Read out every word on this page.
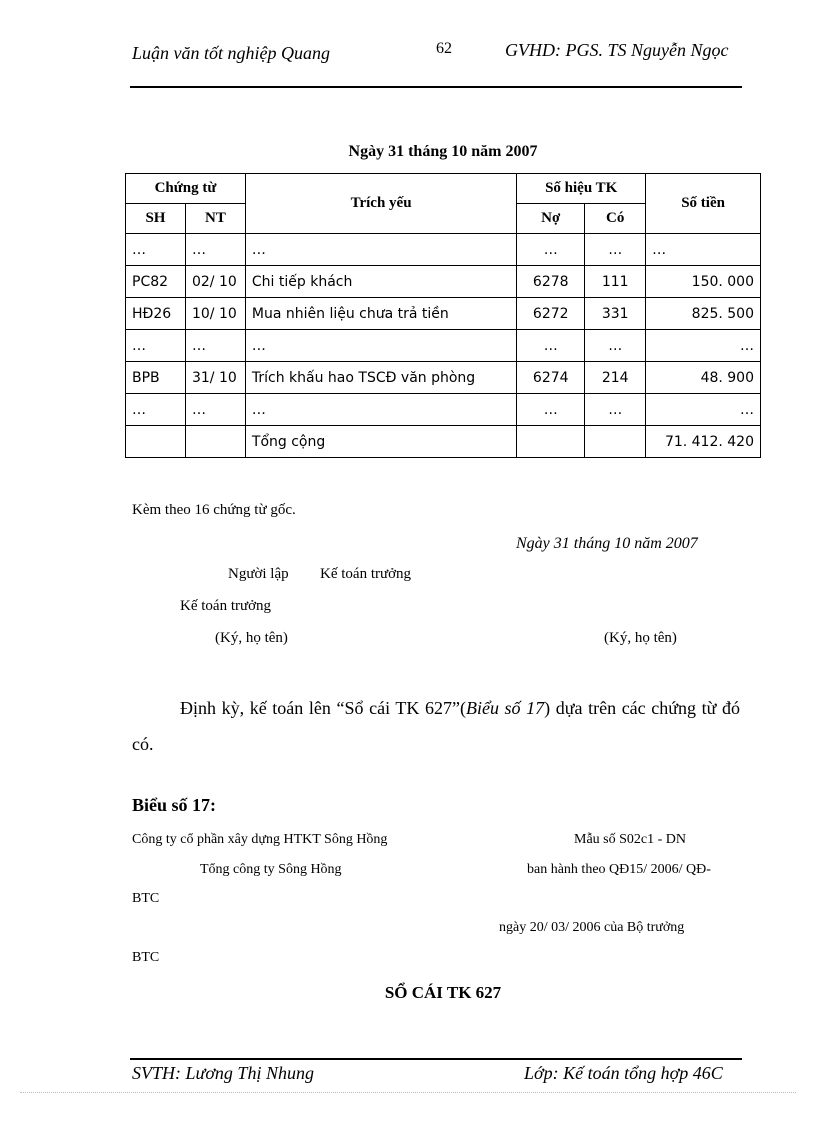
Luận văn tốt nghiệp Quang	62	GVHD: PGS. TS Nguyễn Ngọc
Ngày 31 tháng 10 năm 2007
Chứng từ		Trích yếu	Số hiệu TK		Số tiền
SH	NT		Nợ	Có	
…	…	…	…	…	…
PC82	02/ 10	Chi tiếp khách	6278	111	150. 000
HĐ26	10/ 10	Mua nhiên liệu chưa trả tiền	6272	331	825. 500
…	…	…	…	…	…
BPB	31/ 10	Trích khấu hao TSCĐ văn phòng	6274	214	48. 900
…	…	…	…	…	…
		Tổng cộng			71. 412. 420
Kèm theo 16 chứng từ gốc.
Ngày 31 tháng 10 năm 2007
Người lập Kế toán trưởng
Kế toán trưởng
(Ký, họ tên)	(Ký, họ tên)
Định kỳ, kế toán lên “Sổ cái TK 627”(Biểu số 17) dựa trên các chứng từ đó có.
Biểu số 17:
Công ty cổ phần xây dựng HTKT Sông Hồng	Mẫu số S02c1 - DN
Tổng công ty Sông Hồng	ban hành theo QĐ15/ 2006/ QĐ-
BTC
ngày 20/ 03/ 2006 của Bộ trưởng
BTC
SỔ CÁI TK 627
SVTH: Lương Thị Nhung	Lớp: Kế toán tổng hợp 46C
